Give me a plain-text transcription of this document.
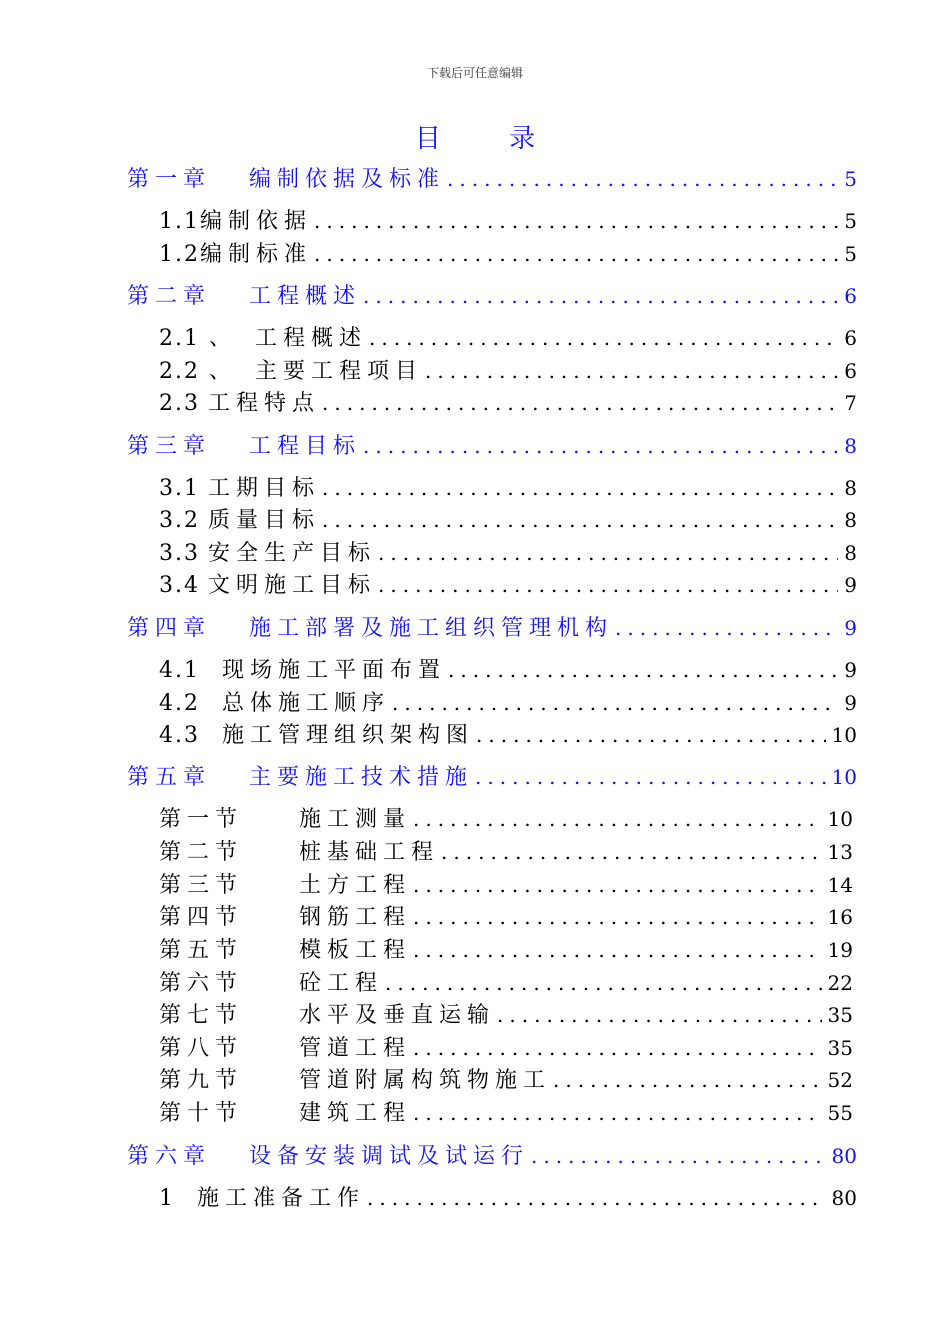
下载后可任意编辑
目	录
第一章 编制依据及标准 .....	5
1.1编制依据 .....	5
1.2编制标准 .....	5
第二章 工程概述 .....	6
2.1 、 工程概述 .....	6
2.2 、 主要工程项目 .....	6
2.3 工程特点 .....	7
第三章 工程目标 .....	8
3.1 工期目标 .....	8
3.2 质量目标 .....	8
3.3 安全生产目标 .....	8
3.4 文明施工目标 .....	9
第四章 施工部署及施工组织管理机构 .....	9
4.1 现场施工平面布置 .....	9
4.2 总体施工顺序 .....	9
4.3 施工管理组织架构图 .....	10
第五章 主要施工技术措施 .....	10
第一节	施工测量 .....	10
第二节	桩基础工程 .....	13
第三节	土方工程 .....	14
第四节	钢筋工程 .....	16
第五节	模板工程 .....	19
第六节	砼工程 .....	22
第七节	水平及垂直运输 .....	35
第八节	管道工程 .....	35
第九节	管道附属构筑物施工 .....	52
第十节	建筑工程 .....	55
第六章 设备安装调试及试运行 .....	80
1 施工准备工作 .....	80
